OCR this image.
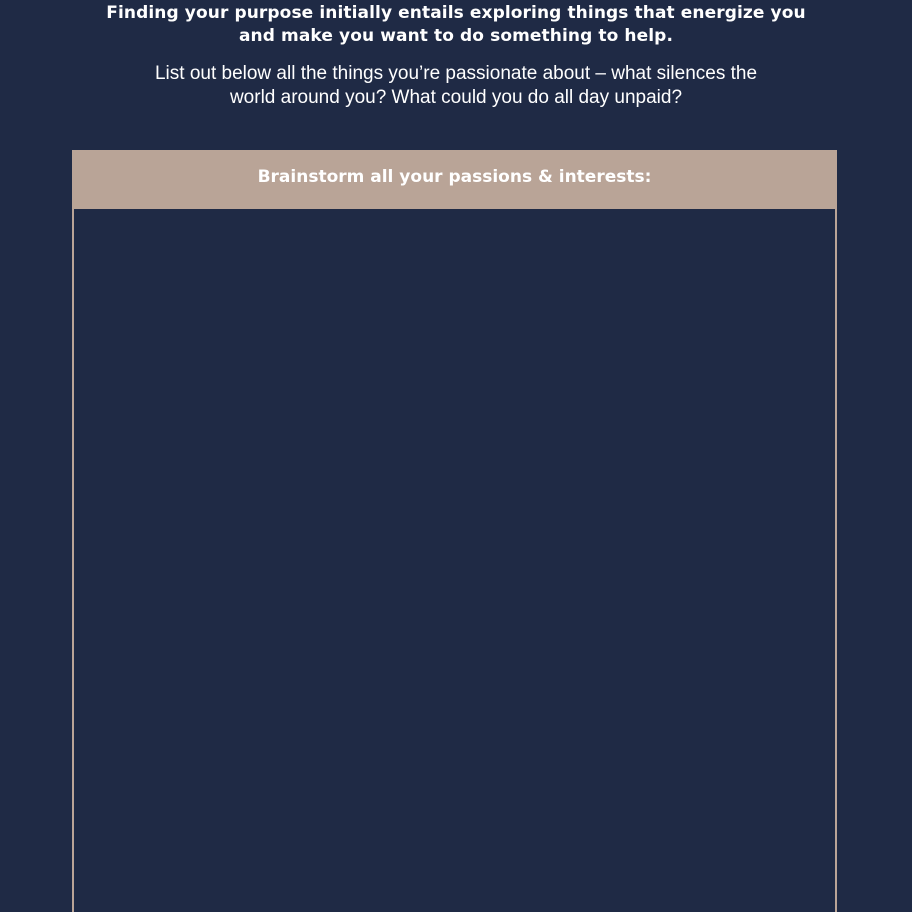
Finding your purpose initially entails exploring things that energize you and make you want to do something to help.
List out below all the things you’re passionate about – what silences the world around you? What could you do all day unpaid?
Brainstorm all your passions & interests:
